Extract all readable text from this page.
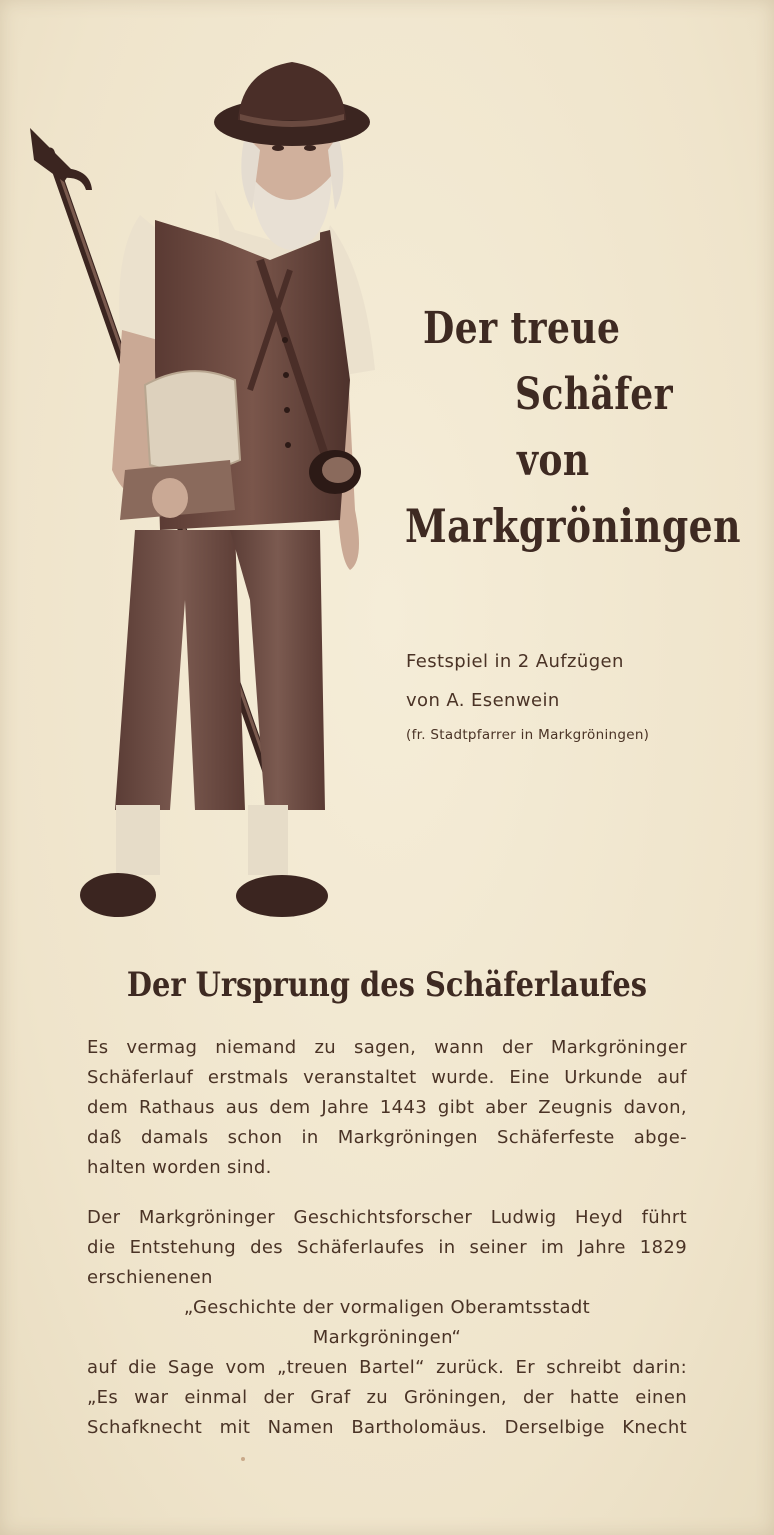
Der treue
Schäfer
von
Markgröningen
Festspiel in 2 Aufzügen
von A. Esenwein
(fr. Stadtpfarrer in Markgröningen)
Der Ursprung des Schäferlaufes
Es vermag niemand zu sagen, wann der Markgröninger
Schäferlauf erstmals veranstaltet wurde. Eine Urkunde auf
dem Rathaus aus dem Jahre 1443 gibt aber Zeugnis davon,
daß damals schon in Markgröningen Schäferfeste abge-
halten worden sind.
Der Markgröninger Geschichtsforscher Ludwig Heyd führt
die Entstehung des Schäferlaufes in seiner im Jahre 1829
erschienenen
„Geschichte der vormaligen Oberamtsstadt
Markgröningen“
auf die Sage vom „treuen Bartel“ zurück. Er schreibt darin:
„Es war einmal der Graf zu Gröningen, der hatte einen
Schafknecht mit Namen Bartholomäus. Derselbige Knecht
